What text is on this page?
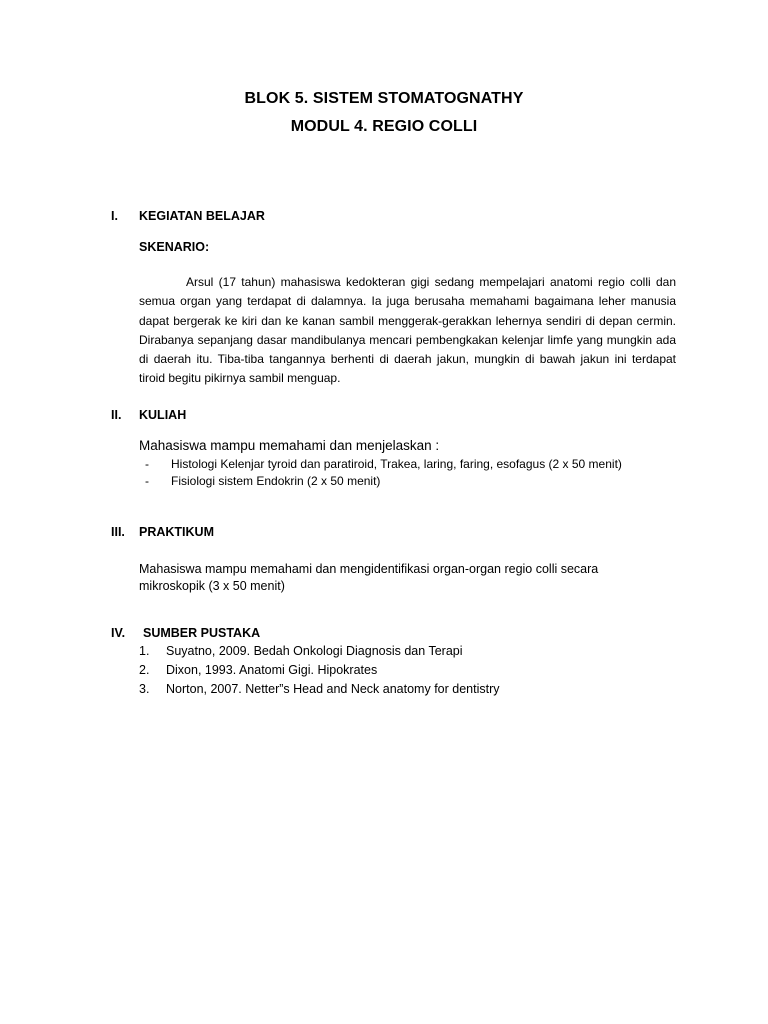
BLOK 5. SISTEM STOMATOGNATHY
MODUL 4. REGIO COLLI
I. KEGIATAN BELAJAR
SKENARIO:
Arsul (17 tahun) mahasiswa kedokteran gigi sedang mempelajari anatomi regio colli dan semua organ yang terdapat di dalamnya. Ia juga berusaha memahami bagaimana leher manusia dapat bergerak ke kiri dan ke kanan sambil menggerak-gerakkan lehernya sendiri di depan cermin. Dirabanya sepanjang dasar mandibulanya mencari pembengkakan kelenjar limfe yang mungkin ada di daerah itu. Tiba-tiba tangannya berhenti di daerah jakun, mungkin di bawah jakun ini terdapat tiroid begitu pikirnya sambil menguap.
II. KULIAH
Mahasiswa mampu memahami dan menjelaskan :
- Histologi Kelenjar tyroid dan paratiroid, Trakea, laring, faring, esofagus (2 x 50 menit)
- Fisiologi sistem Endokrin (2 x 50 menit)
III. PRAKTIKUM
Mahasiswa mampu memahami dan mengidentifikasi organ-organ regio colli secara mikroskopik (3 x 50 menit)
IV. SUMBER PUSTAKA
1. Suyatno, 2009. Bedah Onkologi Diagnosis dan Terapi
2. Dixon, 1993. Anatomi Gigi. Hipokrates
3. Norton, 2007. Netter”s Head and Neck anatomy for dentistry
